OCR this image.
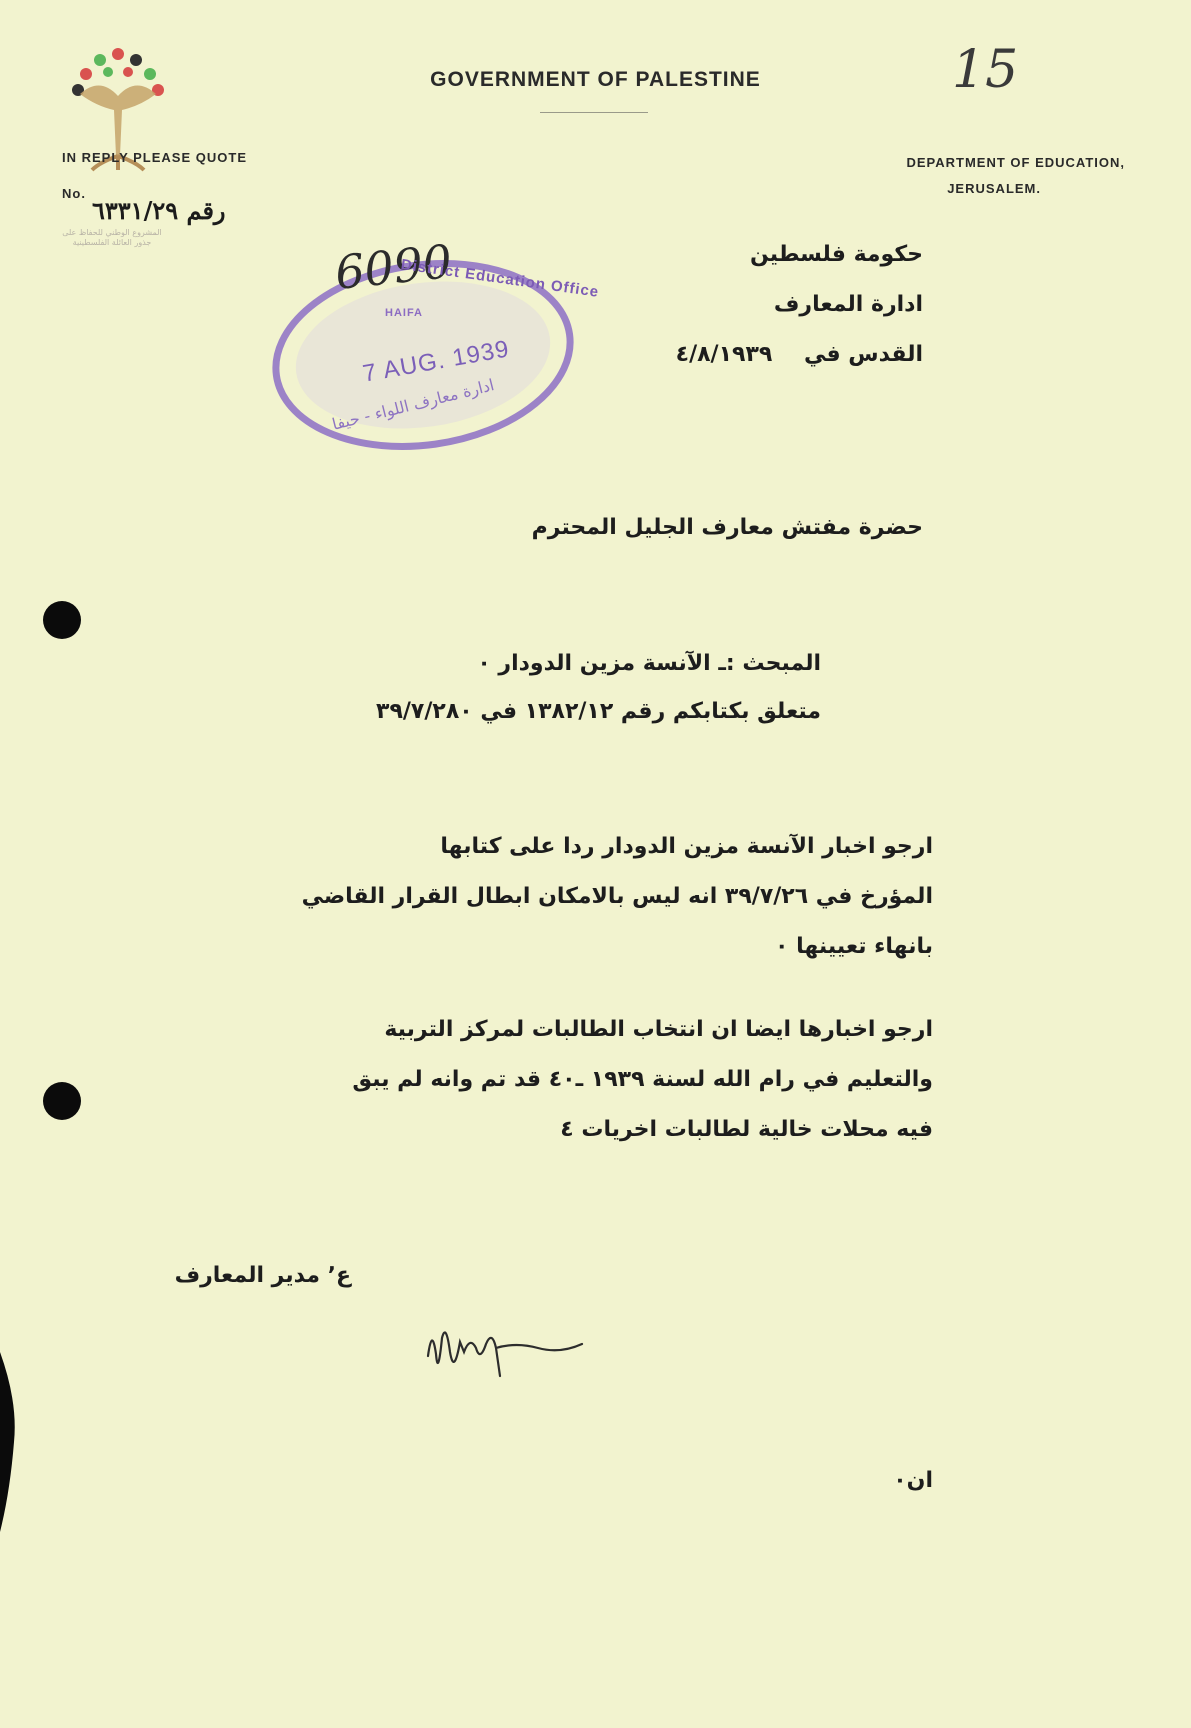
GOVERNMENT OF PALESTINE	15
IN REPLY PLEASE QUOTE
No.
رقم ٦٣٣١/٢٩
المشروع الوطني للحفاظ على
جذور العائلة الفلسطينية
DEPARTMENT OF EDUCATION,
JERUSALEM.
حكومة فلسطين
ادارة المعارف
القدس في ٤/٨/١٩٣٩
6090
District Education Office
HAIFA
7 AUG. 1939
ادارة معارف اللواء - حيفا
حضرة مفتش معارف الجليل المحترم
المبحث :ـ الآنسة مزين الدودار ٠
متعلق بكتابكم رقم ١٣٨٢/١٢ في ٣٩/٧/٢٨٠
ارجو اخبار الآنسة مزين الدودار ردا على كتابها
المؤرخ في ٣٩/٧/٢٦ انه ليس بالامكان ابطال القرار القاضي
بانهاء تعيينها ٠
ارجو اخبارها ايضا ان انتخاب الطالبات لمركز التربية
والتعليم في رام الله لسنة ١٩٣٩ ـ٤٠ قد تم وانه لم يبق
فيه محلات خالية لطالبات اخريات ٤
ع٬ مدير المعارف
ان٠
